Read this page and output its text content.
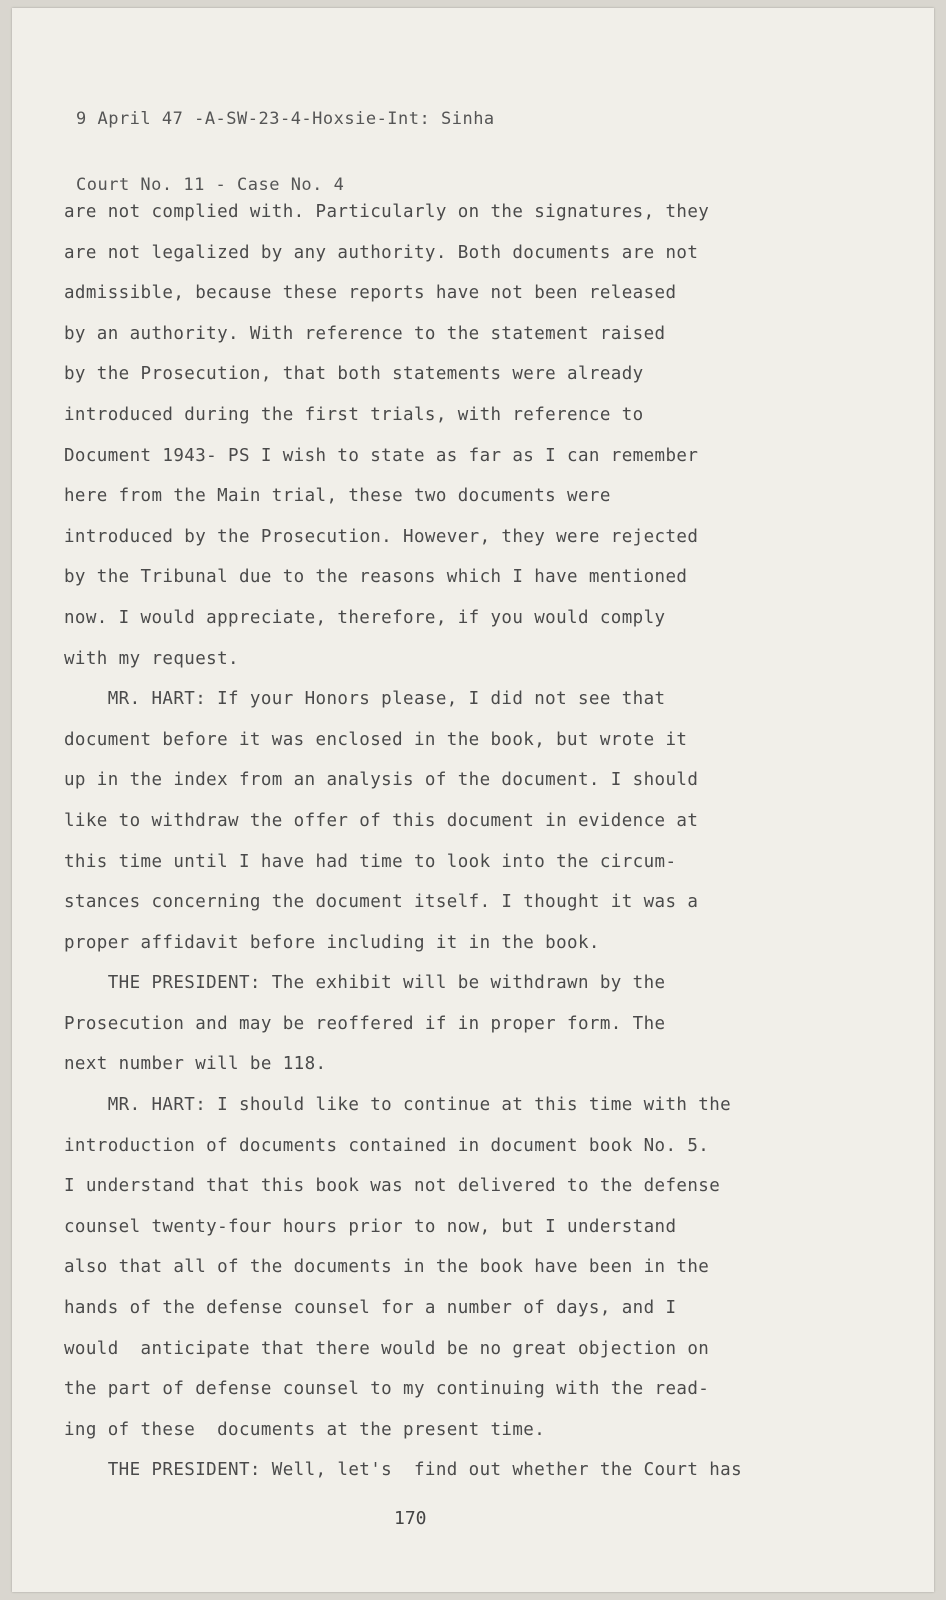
9 April 47 -A-SW-23-4-Hoxsie-Int: Sinha

Court No. 11 - Case No. 4

are not complied with. Particularly on the signatures, they
are not legalized by any authority. Both documents are not
admissible, because these reports have not been released
by an authority. With reference to the statement raised
by the Prosecution, that both statements were already
introduced during the first trials, with reference to
Document 1943- PS I wish to state as far as I can remember
here from the Main trial, these two documents were
introduced by the Prosecution. However, they were rejected
by the Tribunal due to the reasons which I have mentioned
now. I would appreciate, therefore, if you would comply
with my request.
MR. HART: If your Honors please, I did not see that
document before it was enclosed in the book, but wrote it
up in the index from an analysis of the document. I should
like to withdraw the offer of this document in evidence at
this time until I have had time to look into the circum-
stances concerning the document itself. I thought it was a
proper affidavit before including it in the book.
THE PRESIDENT: The exhibit will be withdrawn by the
Prosecution and may be reoffered if in proper form. The
next number will be 118.
MR. HART: I should like to continue at this time with the
introduction of documents contained in document book No. 5.
I understand that this book was not delivered to the defense
counsel twenty-four hours prior to now, but I understand
also that all of the documents in the book have been in the
hands of the defense counsel for a number of days, and I
would  anticipate that there would be no great objection on
the part of defense counsel to my continuing with the read-
ing of these  documents at the present time.
THE PRESIDENT: Well, let's  find out whether the Court has
170
